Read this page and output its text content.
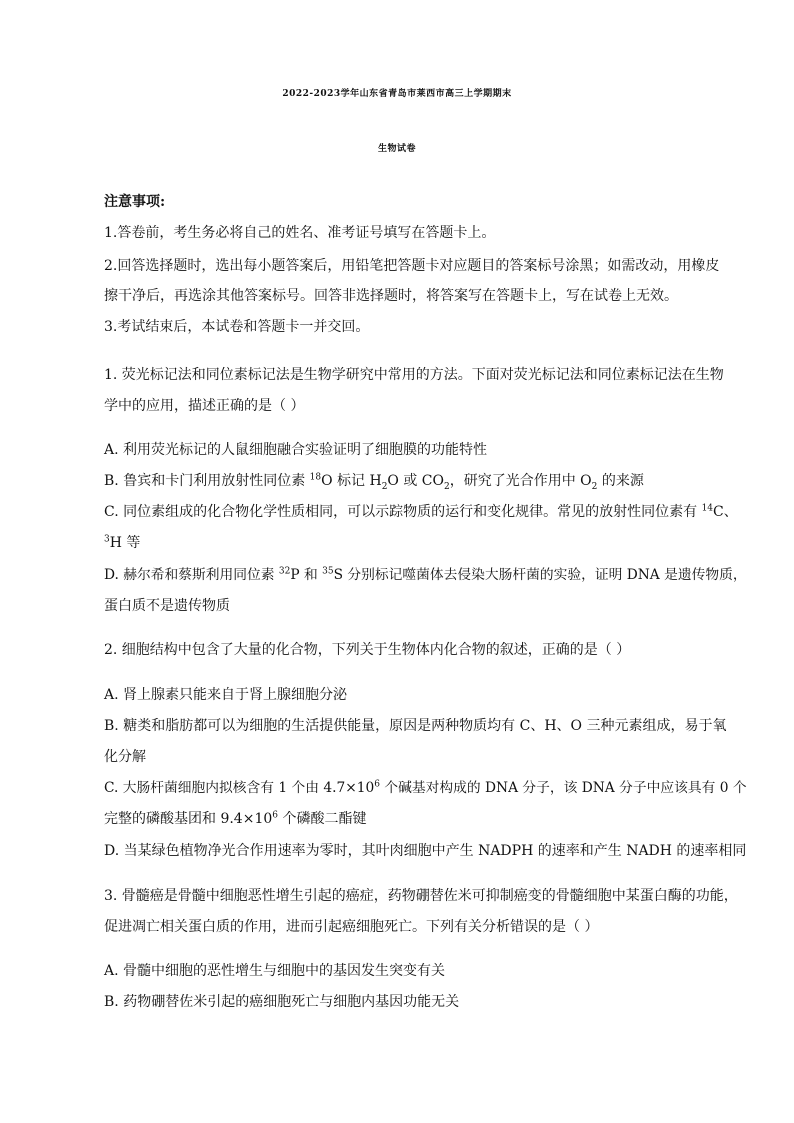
2022-2023学年山东省青岛市莱西市高三上学期期末
生物试卷
注意事项:
1.答卷前，考生务必将自己的姓名、准考证号填写在答题卡上。
2.回答选择题时，选出每小题答案后，用铅笔把答题卡对应题目的答案标号涂黑；如需改动，用橡皮
擦干净后，再选涂其他答案标号。回答非选择题时，将答案写在答题卡上，写在试卷上无效。
3.考试结束后，本试卷和答题卡一并交回。
1. 荧光标记法和同位素标记法是生物学研究中常用的方法。下面对荧光标记法和同位素标记法在生物
学中的应用，描述正确的是（ ）
A. 利用荧光标记的人鼠细胞融合实验证明了细胞膜的功能特性
B. 鲁宾和卡门利用放射性同位素 $^{18}$O 标记 $H_2O$ 或 $CO_2$，研究了光合作用中 $O_2$ 的来源
C. 同位素组成的化合物化学性质相同，可以示踪物质的运行和变化规律。常见的放射性同位素有 $^{14}$C、
$^3$H 等
D. 赫尔希和蔡斯利用同位素 $^{32}$P 和 $^{35}$S 分别标记噬菌体去侵染大肠杆菌的实验，证明 DNA 是遗传物质，
蛋白质不是遗传物质
2. 细胞结构中包含了大量的化合物，下列关于生物体内化合物的叙述，正确的是（ ）
A. 肾上腺素只能来自于肾上腺细胞分泌
B. 糖类和脂肪都可以为细胞的生活提供能量，原因是两种物质均有 C、H、O 三种元素组成，易于氧
化分解
C. 大肠杆菌细胞内拟核含有 1 个由 $4.7\times 10^6$ 个碱基对构成的 DNA 分子，该 DNA 分子中应该具有 0 个
完整的磷酸基团和 $9.4\times 10^6$ 个磷酸二酯键
D. 当某绿色植物净光合作用速率为零时，其叶肉细胞中产生 NADPH 的速率和产生 NADH 的速率相同
3. 骨髓癌是骨髓中细胞恶性增生引起的癌症，药物硼替佐米可抑制癌变的骨髓细胞中某蛋白酶的功能，
促进凋亡相关蛋白质的作用，进而引起癌细胞死亡。下列有关分析错误的是（ ）
A. 骨髓中细胞的恶性增生与细胞中的基因发生突变有关
B. 药物硼替佐米引起的癌细胞死亡与细胞内基因功能无关
